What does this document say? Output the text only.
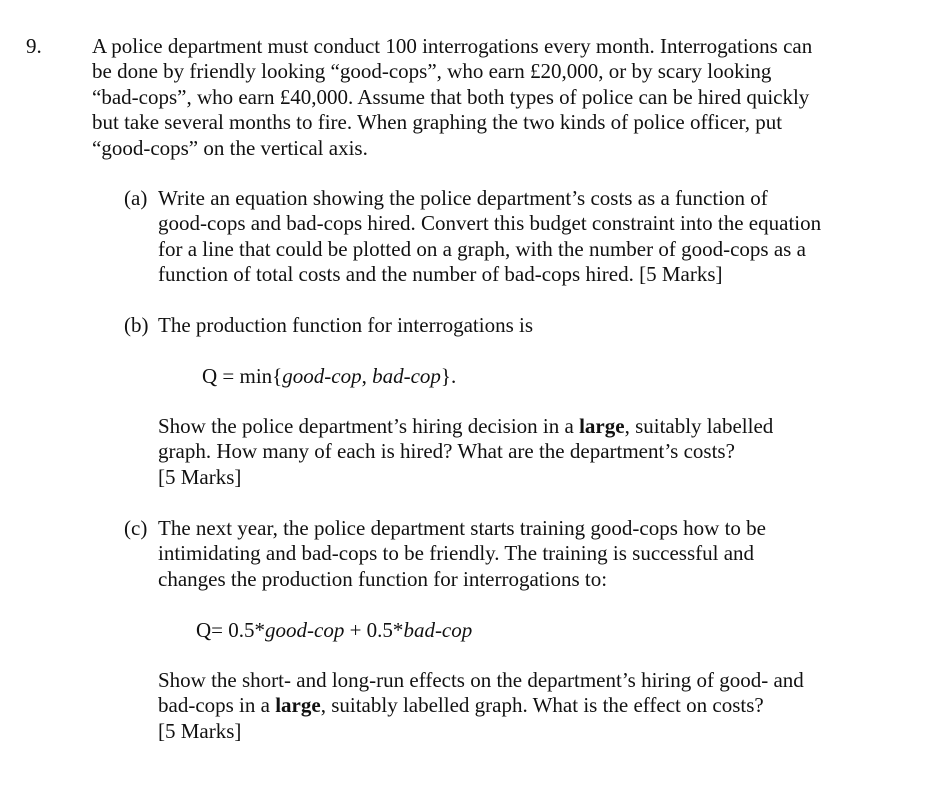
9. A police department must conduct 100 interrogations every month. Interrogations can
be done by friendly looking “good-cops”, who earn £20,000, or by scary looking
“bad-cops”, who earn £40,000. Assume that both types of police can be hired quickly
but take several months to fire. When graphing the two kinds of police officer, put
“good-cops” on the vertical axis.
(a) Write an equation showing the police department’s costs as a function of
good-cops and bad-cops hired. Convert this budget constraint into the equation
for a line that could be plotted on a graph, with the number of good-cops as a
function of total costs and the number of bad-cops hired. [5 Marks]
(b) The production function for interrogations is
Q = min{good-cop, bad-cop}.
Show the police department’s hiring decision in a large, suitably labelled
graph. How many of each is hired? What are the department’s costs?
[5 Marks]
(c) The next year, the police department starts training good-cops how to be
intimidating and bad-cops to be friendly. The training is successful and
changes the production function for interrogations to:
Q= 0.5*good-cop + 0.5*bad-cop
Show the short- and long-run effects on the department’s hiring of good- and
bad-cops in a large, suitably labelled graph. What is the effect on costs?
[5 Marks]
